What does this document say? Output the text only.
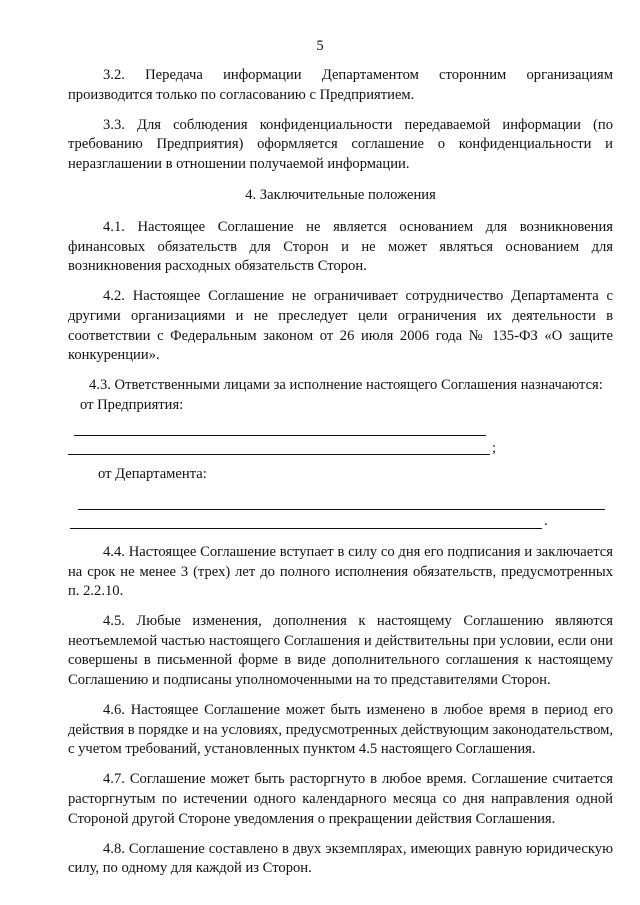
5

3.2. Передача информации Департаментом сторонним организациям производится только по согласованию с Предприятием.

3.3. Для соблюдения конфиденциальности передаваемой информации (по требованию Предприятия) оформляется соглашение о конфиденциальности и неразглашении в отношении получаемой информации.

4. Заключительные положения

4.1. Настоящее Соглашение не является основанием для возникновения финансовых обязательств для Сторон и не может являться основанием для возникновения расходных обязательств Сторон.

4.2. Настоящее Соглашение не ограничивает сотрудничество Департамента с другими организациями и не преследует цели ограничения их деятельности в соответствии с Федеральным законом от 26 июля 2006 года № 135-ФЗ «О защите конкуренции».

4.3. Ответственными лицами за исполнение настоящего Соглашения назначаются:

от Предприятия:

;

от Департамента:

.

4.4. Настоящее Соглашение вступает в силу со дня его подписания и заключается на срок не менее 3 (трех) лет до полного исполнения обязательств, предусмотренных п. 2.2.10.

4.5. Любые изменения, дополнения к настоящему Соглашению являются неотъемлемой частью настоящего Соглашения и действительны при условии, если они совершены в письменной форме в виде дополнительного соглашения к настоящему Соглашению и подписаны уполномоченными на то представителями Сторон.

4.6. Настоящее Соглашение может быть изменено в любое время в период его действия в порядке и на условиях, предусмотренных действующим законодательством, с учетом требований, установленных пунктом 4.5 настоящего Соглашения.

4.7. Соглашение может быть расторгнуто в любое время. Соглашение считается расторгнутым по истечении одного календарного месяца со дня направления одной Стороной другой Стороне уведомления о прекращении действия Соглашения.

4.8. Соглашение составлено в двух экземплярах, имеющих равную юридическую силу, по одному для каждой из Сторон.
